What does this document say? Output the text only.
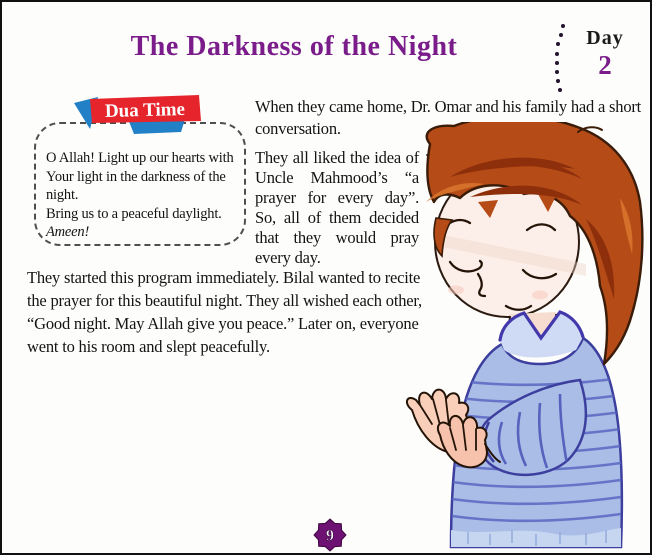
The Darkness of the Night	Day
2
Dua Time
O Allah! Light up our hearts with Your light in the darkness of the night.
Bring us to a peaceful daylight.
Ameen!
When they came home, Dr. Omar and his family had a short conversation.
They all liked the idea of Uncle Mahmood’s “a prayer for every day”. So, all of them decided that they would pray every day.
They started this program immediately. Bilal wanted to recite the prayer for this beautiful night. They all wished each other, “Good night. May Allah give you peace.” Later on, everyone went to his room and slept peacefully.
9
